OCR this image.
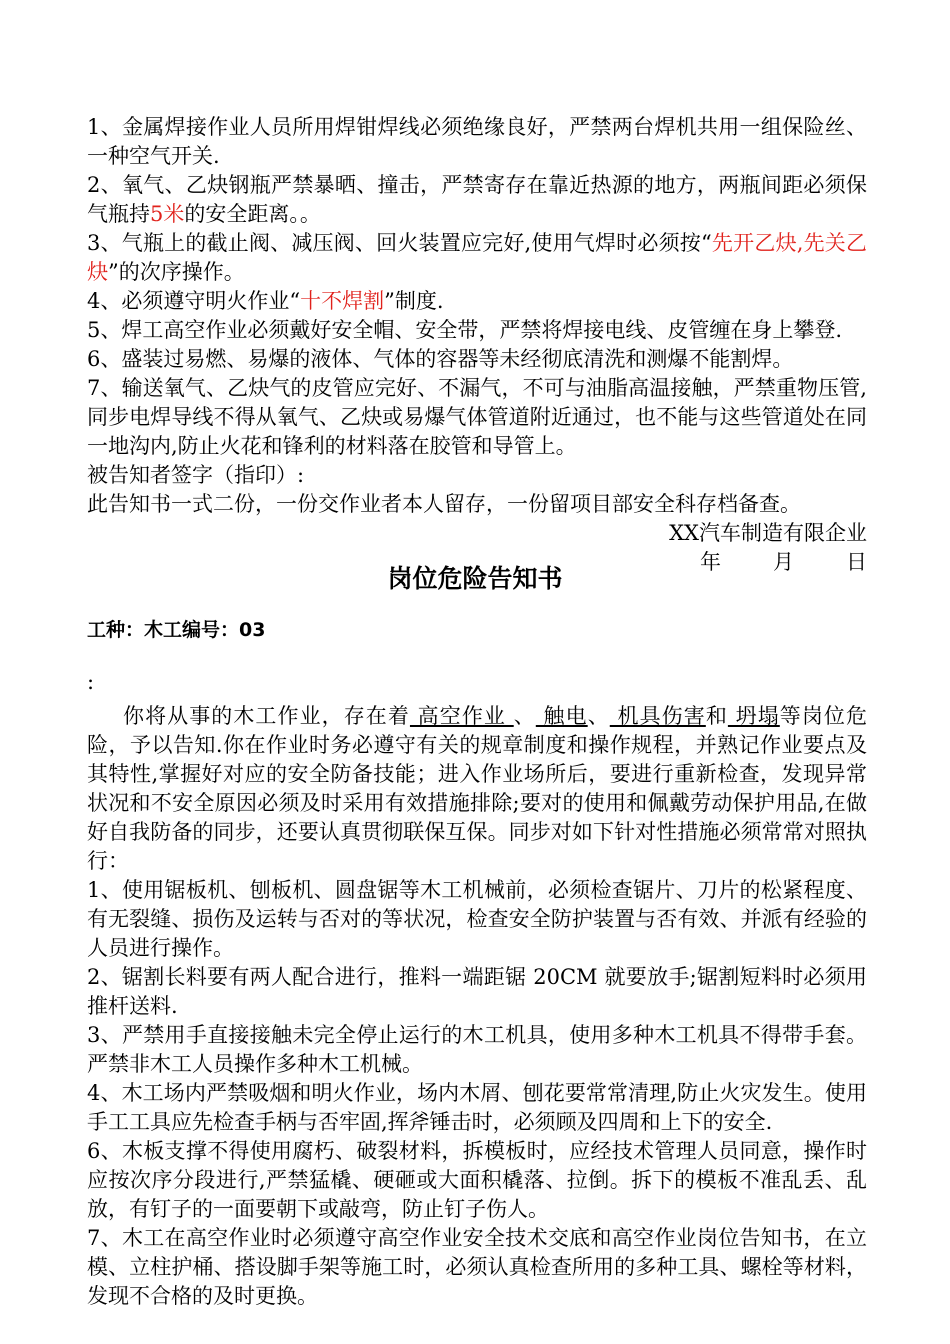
1、金属焊接作业人员所用焊钳焊线必须绝缘良好，严禁两台焊机共用一组保险丝、一种空气开关.

2、氧气、乙炔钢瓶严禁暴晒、撞击，严禁寄存在靠近热源的地方，两瓶间距必须保气瓶持5米的安全距离。。

3、气瓶上的截止阀、减压阀、回火装置应完好,使用气焊时必须按“先开乙炔,先关乙炔”的次序操作。

4、必须遵守明火作业“十不焊割”制度.

5、焊工高空作业必须戴好安全帽、安全带，严禁将焊接电线、皮管缠在身上攀登.

6、盛装过易燃、易爆的液体、气体的容器等未经彻底清洗和测爆不能割焊。

7、输送氧气、乙炔气的皮管应完好、不漏气，不可与油脂高温接触，严禁重物压管,同步电焊导线不得从氧气、乙炔或易爆气体管道附近通过，也不能与这些管道处在同一地沟内,防止火花和锋利的材料落在胶管和导管上。

被告知者签字（指印）:

此告知书一式二份，一份交作业者本人留存，一份留项目部安全科存档备查。

XX汽车制造有限企业

年 月 日

岗位危险告知书
工种：木工编号：03
:

你将从事的木工作业，存在着 高空作业 、 触电、 机具伤害和 坍塌等岗位危险，予以告知.你在作业时务必遵守有关的规章制度和操作规程，并熟记作业要点及其特性,掌握好对应的安全防备技能；进入作业场所后，要进行重新检查，发现异常状况和不安全原因必须及时采用有效措施排除;要对的使用和佩戴劳动保护用品,在做好自我防备的同步，还要认真贯彻联保互保。同步对如下针对性措施必须常常对照执行：

1、使用锯板机、刨板机、圆盘锯等木工机械前，必须检查锯片、刀片的松紧程度、有无裂缝、损伤及运转与否对的等状况，检查安全防护装置与否有效、并派有经验的人员进行操作。

2、锯割长料要有两人配合进行，推料一端距锯 20CM 就要放手;锯割短料时必须用推杆送料.

3、严禁用手直接接触未完全停止运行的木工机具，使用多种木工机具不得带手套。严禁非木工人员操作多种木工机械。

4、木工场内严禁吸烟和明火作业，场内木屑、刨花要常常清理,防止火灾发生。使用手工工具应先检查手柄与否牢固,挥斧锤击时，必须顾及四周和上下的安全.

6、木板支撑不得使用腐朽、破裂材料，拆模板时，应经技术管理人员同意，操作时应按次序分段进行,严禁猛橇、硬砸或大面积橇落、拉倒。拆下的模板不准乱丢、乱放，有钉子的一面要朝下或敲弯，防止钉子伤人。

7、木工在高空作业时必须遵守高空作业安全技术交底和高空作业岗位告知书，在立模、立柱护桶、搭设脚手架等施工时，必须认真检查所用的多种工具、螺栓等材料，发现不合格的及时更换。
